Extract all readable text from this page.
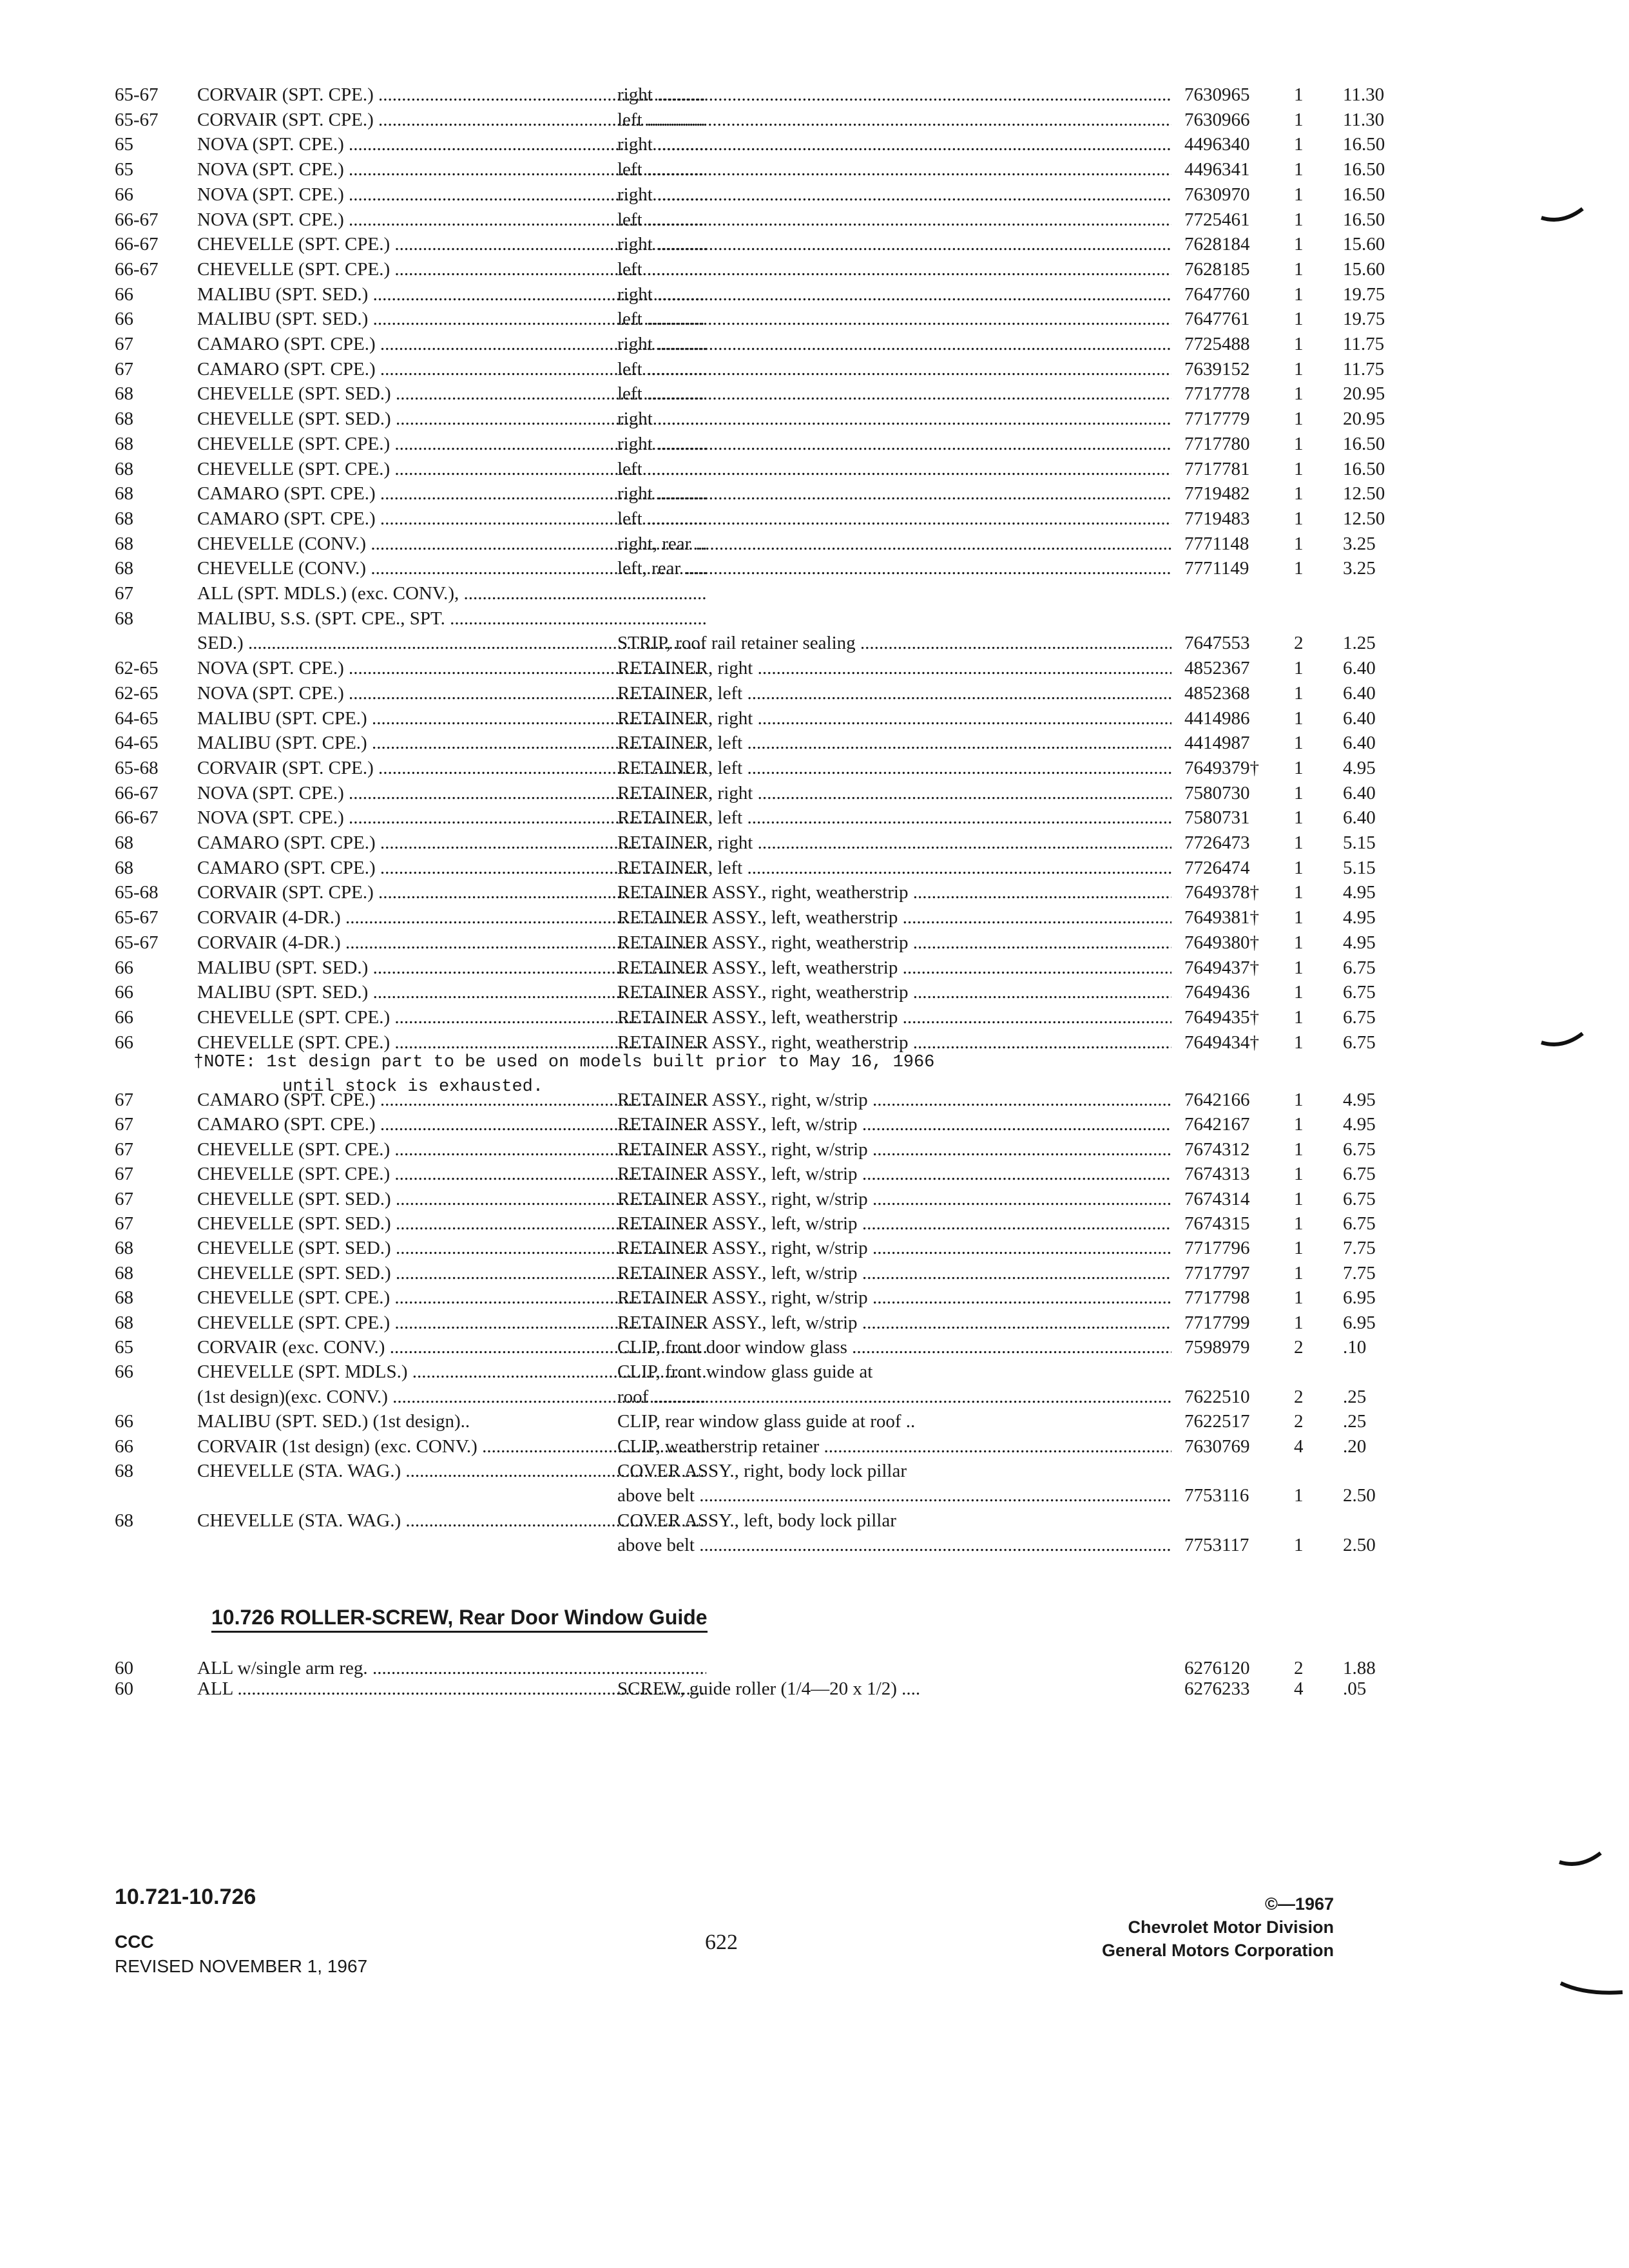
65-67 CORVAIR (SPT. CPE.) .....	right .....	7630965 1 11.30
65-67 CORVAIR (SPT. CPE.) .....	left .....	7630966 1 11.30
65	NOVA (SPT. CPE.) .....	right .....	4496340 1 16.50
65	NOVA (SPT. CPE.) .....	left .....	4496341 1 16.50
66	NOVA (SPT. CPE.) .....	right .....	7630970 1 16.50
66-67 NOVA (SPT. CPE.) .....	left .....	7725461 1 16.50
66-67 CHEVELLE (SPT. CPE.) .....	right .....	7628184 1 15.60
66-67 CHEVELLE (SPT. CPE.) .....	left .....	7628185 1 15.60
66	MALIBU (SPT. SED.) .....	right .....	7647760 1 19.75
66	MALIBU (SPT. SED.) .....	left .....	7647761 1 19.75
67	CAMARO (SPT. CPE.) .....	right .....	7725488 1 11.75
67	CAMARO (SPT. CPE.) .....	left .....	7639152 1 11.75
68	CHEVELLE (SPT. SED.) .....	left .....	7717778 1 20.95
68	CHEVELLE (SPT. SED.) .....	right .....	7717779 1 20.95
68	CHEVELLE (SPT. CPE.) .....	right .....	7717780 1 16.50
68	CHEVELLE (SPT. CPE.) .....	left .....	7717781 1 16.50
68	CAMARO (SPT. CPE.) .....	right .....	7719482 1 12.50
68	CAMARO (SPT. CPE.) .....	left .....	7719483 1 12.50
68	CHEVELLE (CONV.) .....	right, rear .....	7771148 1 3.25
68	CHEVELLE (CONV.) .....	left, rear .....	7771149 1 3.25
67	ALL (SPT. MDLS.) (exc. CONV.), .....
68	MALIBU, S.S. (SPT. CPE., SPT. .....
SED.) .....	STRIP, roof rail retainer sealing .....	7647553 2 1.25
62-65 NOVA (SPT. CPE.) .....	RETAINER, right .....	4852367 1 6.40
62-65 NOVA (SPT. CPE.) .....	RETAINER, left .....	4852368 1 6.40
64-65 MALIBU (SPT. CPE.) .....	RETAINER, right .....	4414986 1 6.40
64-65 MALIBU (SPT. CPE.) .....	RETAINER, left .....	4414987 1 6.40
65-68 CORVAIR (SPT. CPE.) .....	RETAINER, left .....	7649379† 1 4.95
66-67 NOVA (SPT. CPE.) .....	RETAINER, right .....	7580730 1 6.40
66-67 NOVA (SPT. CPE.) .....	RETAINER, left .....	7580731 1 6.40
68	CAMARO (SPT. CPE.) .....	RETAINER, right .....	7726473 1 5.15
68	CAMARO (SPT. CPE.) .....	RETAINER, left .....	7726474 1 5.15
65-68 CORVAIR (SPT. CPE.) .....	RETAINER ASSY., right, weatherstrip .....	7649378† 1 4.95
65-67 CORVAIR (4-DR.) .....	RETAINER ASSY., left, weatherstrip .....	7649381† 1 4.95
65-67 CORVAIR (4-DR.) .....	RETAINER ASSY., right, weatherstrip .....	7649380† 1 4.95
66	MALIBU (SPT. SED.) .....	RETAINER ASSY., left, weatherstrip .....	7649437† 1 6.75
66	MALIBU (SPT. SED.) .....	RETAINER ASSY., right, weatherstrip .....	7649436 1 6.75
66	CHEVELLE (SPT. CPE.) .....	RETAINER ASSY., left, weatherstrip .....	7649435† 1 6.75
66	CHEVELLE (SPT. CPE.) .....	RETAINER ASSY., right, weatherstrip .....	7649434† 1 6.75
†NOTE: 1st design part to be used on models built prior to May 16, 1966
until stock is exhausted.
67	CAMARO (SPT. CPE.) .....	RETAINER ASSY., right, w/strip .....	7642166 1 4.95
67	CAMARO (SPT. CPE.) .....	RETAINER ASSY., left, w/strip .....	7642167 1 4.95
67	CHEVELLE (SPT. CPE.) .....	RETAINER ASSY., right, w/strip .....	7674312 1 6.75
67	CHEVELLE (SPT. CPE.) .....	RETAINER ASSY., left, w/strip .....	7674313 1 6.75
67	CHEVELLE (SPT. SED.) .....	RETAINER ASSY., right, w/strip .....	7674314 1 6.75
67	CHEVELLE (SPT. SED.) .....	RETAINER ASSY., left, w/strip .....	7674315 1 6.75
68	CHEVELLE (SPT. SED.) .....	RETAINER ASSY., right, w/strip .....	7717796 1 7.75
68	CHEVELLE (SPT. SED.) .....	RETAINER ASSY., left, w/strip .....	7717797 1 7.75
68	CHEVELLE (SPT. CPE.) .....	RETAINER ASSY., right, w/strip .....	7717798 1 6.95
68	CHEVELLE (SPT. CPE.) .....	RETAINER ASSY., left, w/strip .....	7717799 1 6.95
65	CORVAIR (exc. CONV.) .....	CLIP, front door window glass .....	7598979 2 .10
66	CHEVELLE (SPT. MDLS.) .....	CLIP, front window glass guide at
(1st design)(exc. CONV.) .....	roof .....	7622510 2 .25
66	MALIBU (SPT. SED.) (1st design)..	CLIP, rear window glass guide at roof ..	7622517 2 .25
66	CORVAIR (1st design) (exc. CONV.) .....	CLIP, weatherstrip retainer .....	7630769 4 .20
68	CHEVELLE (STA. WAG.) .....	COVER ASSY., right, body lock pillar
above belt .....	7753116 1 2.50
68	CHEVELLE (STA. WAG.) .....	COVER ASSY., left, body lock pillar
above belt .....	7753117 1 2.50
10.726 ROLLER-SCREW, Rear Door Window Guide
60	ALL w/single arm reg. .....	6276120 2 1.88
60	ALL .....	SCREW, guide roller (1/4—20 x 1/2) ....	6276233 4 .05
10.721-10.726
CCC
REVISED NOVEMBER 1, 1967
622
©—1967
Chevrolet Motor Division
General Motors Corporation
